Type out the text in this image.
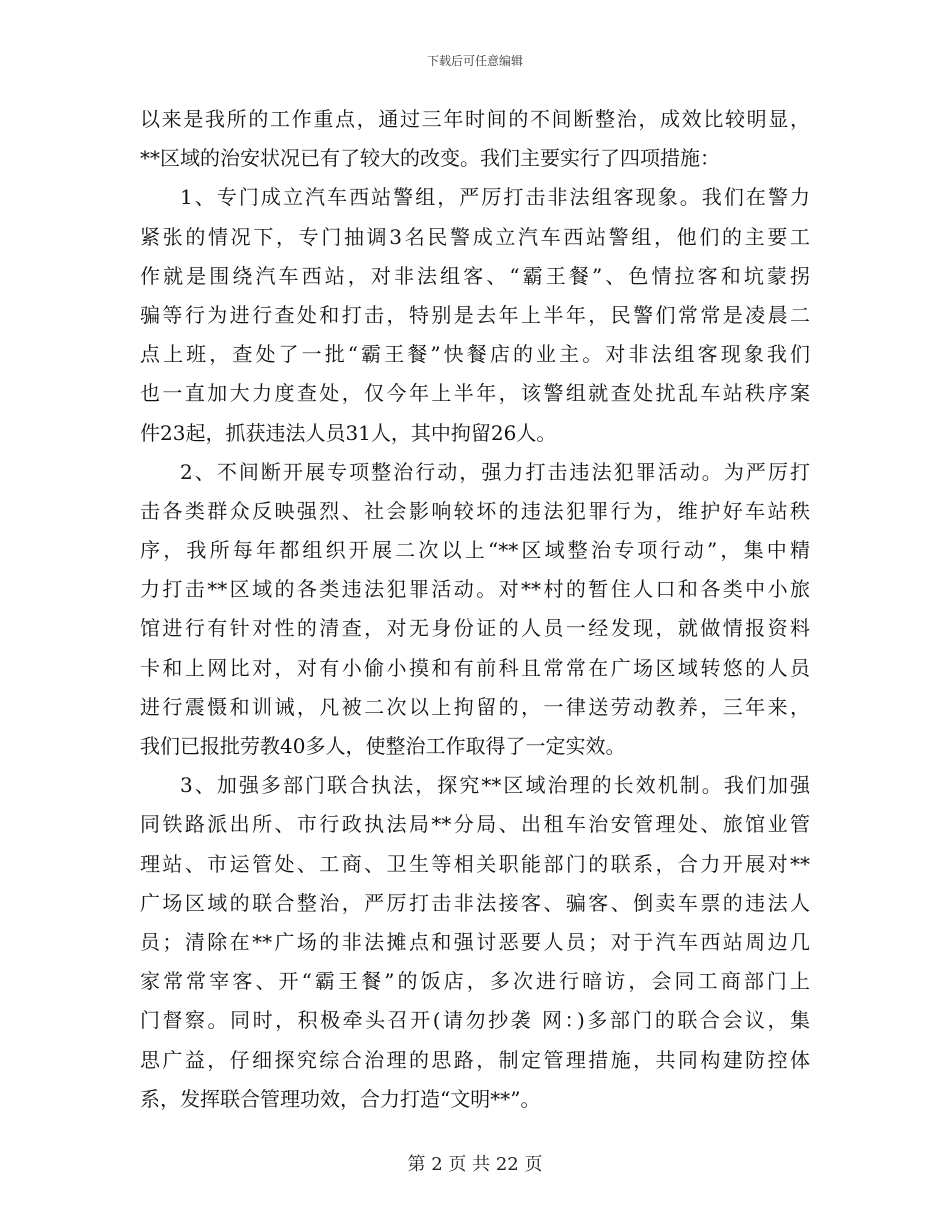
下载后可任意编辑
以来是我所的工作重点，通过三年时间的不间断整治，成效比较明显，
**区域的治安状况已有了较大的改变。我们主要实行了四项措施：
1、专门成立汽车西站警组，严厉打击非法组客现象。我们在警力
紧张的情况下，专门抽调3名民警成立汽车西站警组，他们的主要工
作就是围绕汽车西站，对非法组客、“霸王餐”、色情拉客和坑蒙拐
骗等行为进行查处和打击，特别是去年上半年，民警们常常是凌晨二
点上班，查处了一批“霸王餐”快餐店的业主。对非法组客现象我们
也一直加大力度查处，仅今年上半年，该警组就查处扰乱车站秩序案
件23起，抓获违法人员31人，其中拘留26人。
2、不间断开展专项整治行动，强力打击违法犯罪活动。为严厉打
击各类群众反映强烈、社会影响较坏的违法犯罪行为，维护好车站秩
序，我所每年都组织开展二次以上“**区域整治专项行动”，集中精
力打击**区域的各类违法犯罪活动。对**村的暂住人口和各类中小旅
馆进行有针对性的清查，对无身份证的人员一经发现，就做情报资料
卡和上网比对，对有小偷小摸和有前科且常常在广场区域转悠的人员
进行震慑和训诫，凡被二次以上拘留的，一律送劳动教养，三年来，
我们已报批劳教40多人，使整治工作取得了一定实效。
3、加强多部门联合执法，探究**区域治理的长效机制。我们加强
同铁路派出所、市行政执法局**分局、出租车治安管理处、旅馆业管
理站、市运管处、工商、卫生等相关职能部门的联系，合力开展对**
广场区域的联合整治，严厉打击非法接客、骗客、倒卖车票的违法人
员；清除在**广场的非法摊点和强讨恶要人员；对于汽车西站周边几
家常常宰客、开“霸王餐”的饭店，多次进行暗访，会同工商部门上
门督察。同时，积极牵头召开(请勿抄袭 网：)多部门的联合会议，集
思广益，仔细探究综合治理的思路，制定管理措施，共同构建防控体
系，发挥联合管理功效，合力打造“文明**”。
第 2 页 共 22 页
